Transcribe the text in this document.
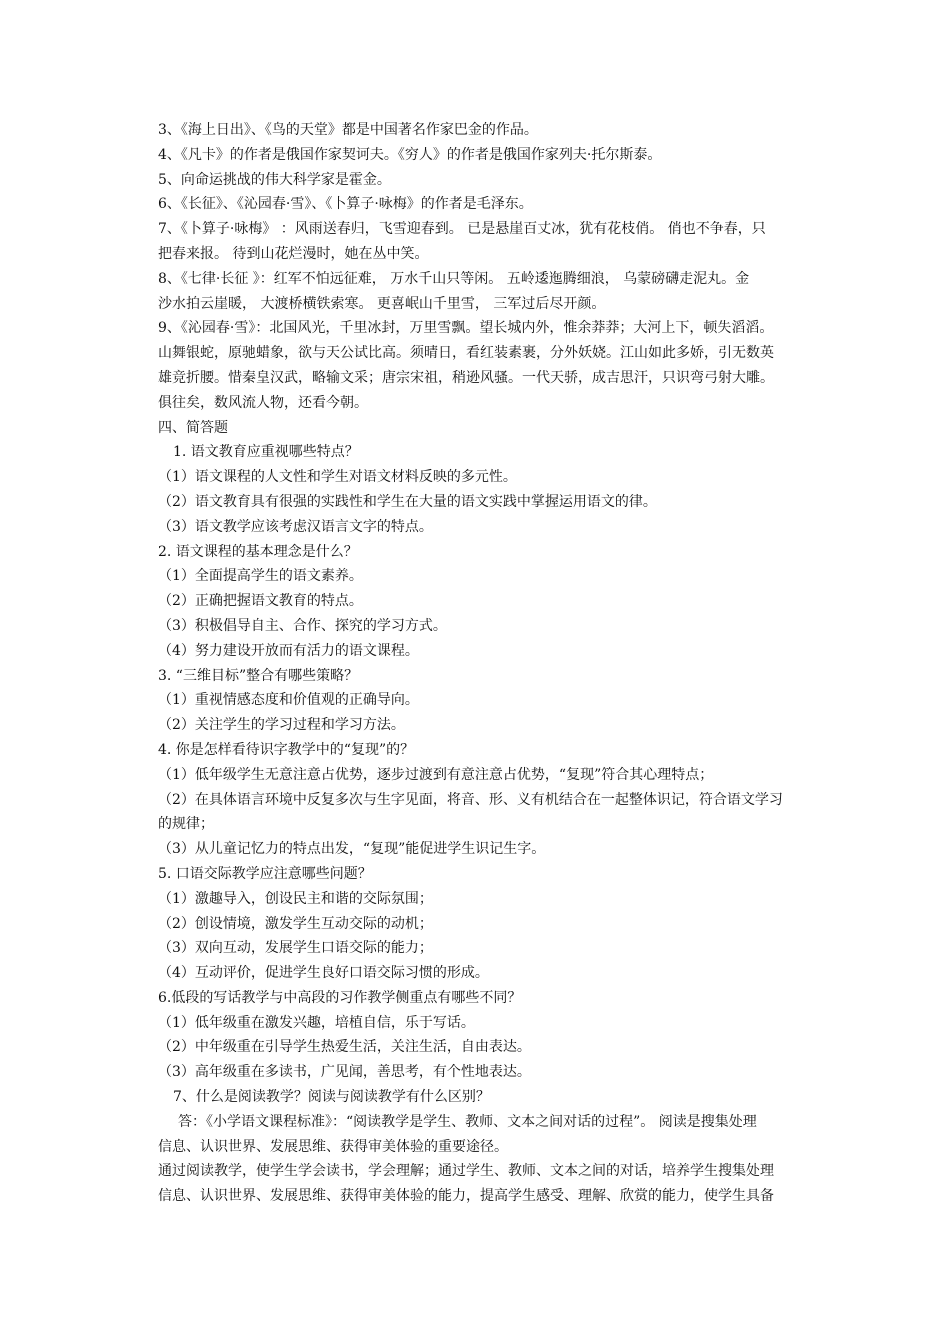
3、《海上日出》、《鸟的天堂》都是中国著名作家巴金的作品。

4、《凡卡》的作者是俄国作家契诃夫。《穷人》的作者是俄国作家列夫·托尔斯泰。

5、向命运挑战的伟大科学家是霍金。

6、《长征》、《沁园春·雪》、《卜算子·咏梅》的作者是毛泽东。

7、《卜算子·咏梅》 ：风雨送春归，飞雪迎春到。 已是悬崖百丈冰，犹有花枝俏。 俏也不争春，只

把春来报。 待到山花烂漫时，她在丛中笑。

8、《七律·长征 》：红军不怕远征难， 万水千山只等闲。 五岭逶迤腾细浪， 乌蒙磅礴走泥丸。金

沙水拍云崖暖， 大渡桥横铁索寒。 更喜岷山千里雪， 三军过后尽开颜。

9、《沁园春·雪》：北国风光，千里冰封，万里雪飘。望长城内外，惟余莽莽；大河上下，顿失滔滔。

山舞银蛇，原驰蜡象，欲与天公试比高。须晴日，看红装素裹，分外妖娆。江山如此多娇，引无数英

雄竞折腰。惜秦皇汉武，略输文采；唐宗宋祖，稍逊风骚。一代天骄，成吉思汗，只识弯弓射大雕。

俱往矣，数风流人物，还看今朝。

四、简答题

1. 语文教育应重视哪些特点？

（1）语文课程的人文性和学生对语文材料反映的多元性。

（2）语文教育具有很强的实践性和学生在大量的语文实践中掌握运用语文的律。

（3）语文教学应该考虑汉语言文字的特点。

2. 语文课程的基本理念是什么？

（1）全面提高学生的语文素养。

（2）正确把握语文教育的特点。

（3）积极倡导自主、合作、探究的学习方式。

（4）努力建设开放而有活力的语文课程。

3. “三维目标”整合有哪些策略？

（1）重视情感态度和价值观的正确导向。

（2）关注学生的学习过程和学习方法。

4. 你是怎样看待识字教学中的“复现”的？

（1）低年级学生无意注意占优势，逐步过渡到有意注意占优势，“复现”符合其心理特点；

（2）在具体语言环境中反复多次与生字见面，将音、形、义有机结合在一起整体识记，符合语文学习

的规律；

（3）从儿童记忆力的特点出发，“复现”能促进学生识记生字。

5. 口语交际教学应注意哪些问题？

（1）激趣导入，创设民主和谐的交际氛围；

（2）创设情境，激发学生互动交际的动机；

（3）双向互动，发展学生口语交际的能力；

（4）互动评价，促进学生良好口语交际习惯的形成。

6.低段的写话教学与中高段的习作教学侧重点有哪些不同？

（1）低年级重在激发兴趣，培植自信，乐于写话。

（2）中年级重在引导学生热爱生活，关注生活，自由表达。

（3）高年级重在多读书，广见闻，善思考，有个性地表达。

7、什么是阅读教学？阅读与阅读教学有什么区别？

答：《小学语文课程标准》：“阅读教学是学生、教师、文本之间对话的过程”。 阅读是搜集处理

信息、认识世界、发展思维、获得审美体验的重要途径。

通过阅读教学，使学生学会读书，学会理解；通过学生、教师、文本之间的对话，培养学生搜集处理

信息、认识世界、发展思维、获得审美体验的能力，提高学生感受、理解、欣赏的能力，使学生具备
